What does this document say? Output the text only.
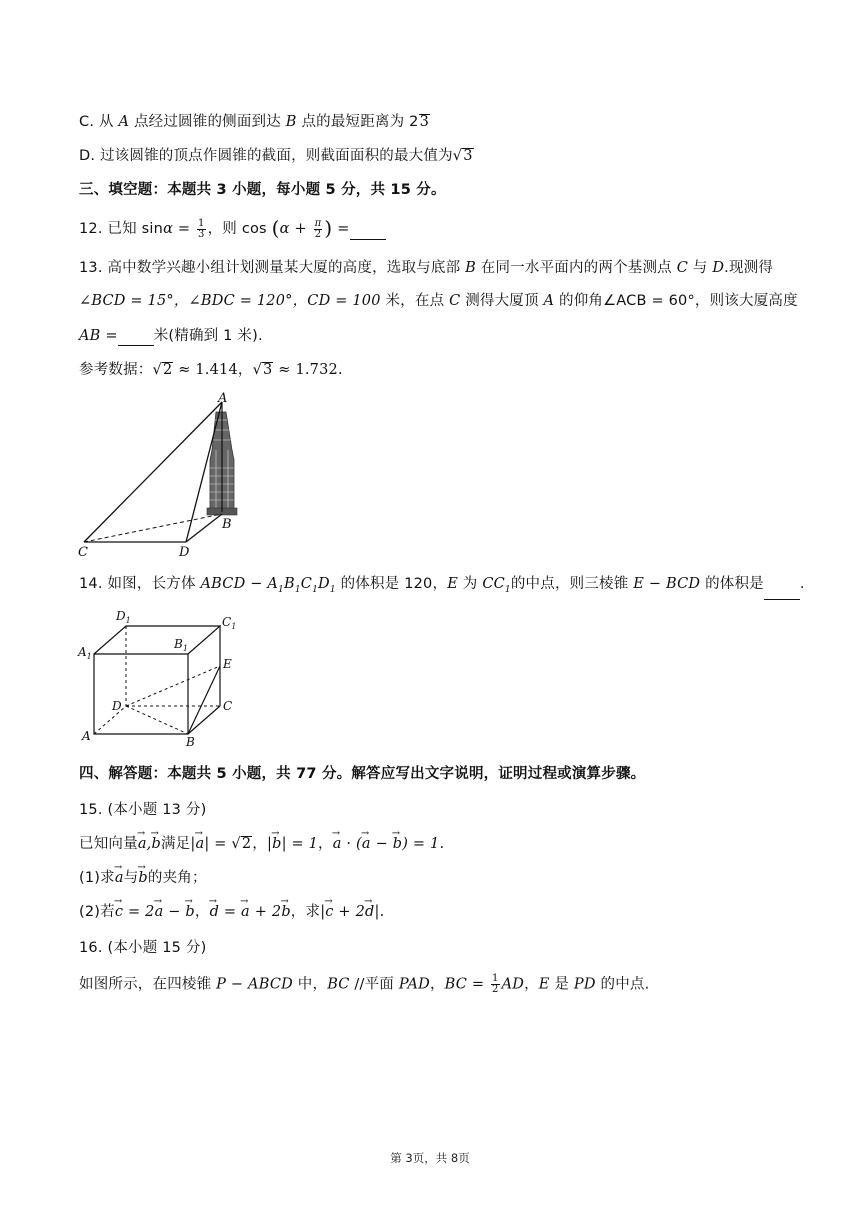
C. 从 A 点经过圆锥的侧面到达 B 点的最短距离为 23
D. 过该圆锥的顶点作圆锥的截面，则截面面积的最大值为√3
三、填空题：本题共 3 小题，每小题 5 分，共 15 分。
12. 已知 $\sin\alpha = \frac{1}{3}$ ，则 $\cos (\alpha + \frac{\pi}{2}$ ) =
13. 高中数学兴趣小组计划测量某大厦的高度，选取与底部 B 在同一水平面内的两个基测点 C 与 D.现测得
∠BCD = 15°，∠BDC = 120°，CD = 100 米，在点 C 测得大厦顶 A 的仰角∠ACB = 60°，则该大厦高度
AB = 米(精确到 1 米).
参考数据：√2 ≈ 1.414，√3 ≈ 1.732.
A
B
C	D
14. 如图，长方体 ABCD − $A_1B_1C_1D_1$ 的体积是 120，E 为 $CC_1$的中点，则三棱锥 E − BCD 的体积是 .
$D_1$	$C_1$
$B_1$
$A_1$
E
D	C
A	B
四、解答题：本题共 5 小题，共 77 分。解答应写出文字说明，证明过程或演算步骤。
15. (本小题 13 分)
已知向量→ a,→ b满足|→ a| = √2，|→ b| = 1，→ a · (→ a − → b) = 1.
(1)求→ a与→ b的夹角；
(2)若→ c = 2→ a − → b，→ d = → a + 2→ b，求|→ c + 2→ d|.
16. (本小题 15 分)
如图所示，在四棱锥 P − ABCD 中，BC //平面 PAD，BC = $\frac{1}{2}$ AD，E 是 PD 的中点.
第 3页，共 8页
